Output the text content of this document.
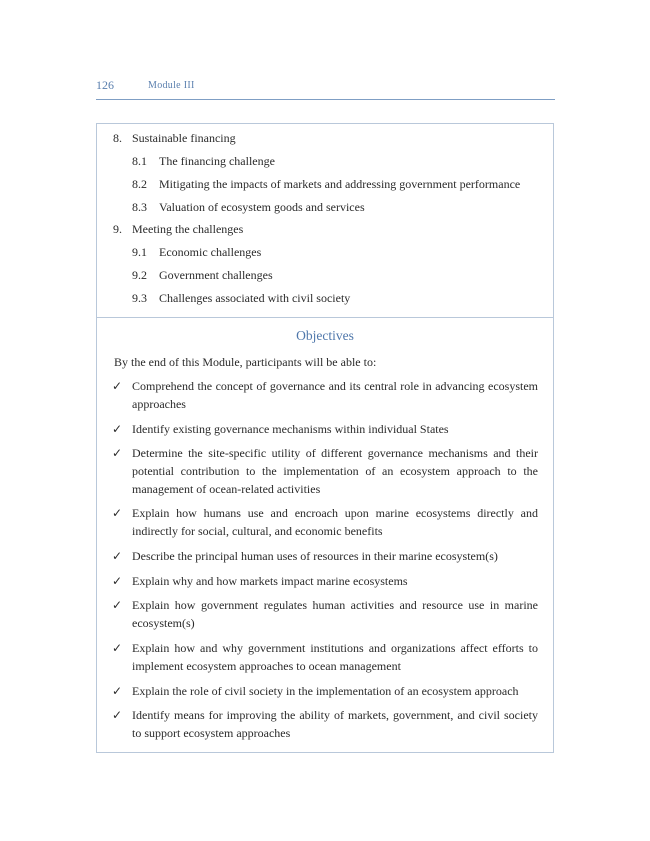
126	Module III
8. Sustainable financing
8.1 The financing challenge
8.2 Mitigating the impacts of markets and addressing government performance
8.3 Valuation of ecosystem goods and services
9. Meeting the challenges
9.1 Economic challenges
9.2 Government challenges
9.3 Challenges associated with civil society
Objectives
By the end of this Module, participants will be able to:
✓ Comprehend the concept of governance and its central role in advancing ecosystem approaches
✓ Identify existing governance mechanisms within individual States
✓ Determine the site-specific utility of different governance mechanisms and their potential contribution to the implementation of an ecosystem approach to the management of ocean-related activities
✓ Explain how humans use and encroach upon marine ecosystems directly and indirectly for social, cultural, and economic benefits
✓ Describe the principal human uses of resources in their marine ecosystem(s)
✓ Explain why and how markets impact marine ecosystems
✓ Explain how government regulates human activities and resource use in marine ecosystem(s)
✓ Explain how and why government institutions and organizations affect efforts to implement ecosystem approaches to ocean management
✓ Explain the role of civil society in the implementation of an ecosystem approach
✓ Identify means for improving the ability of markets, government, and civil society to support ecosystem approaches
